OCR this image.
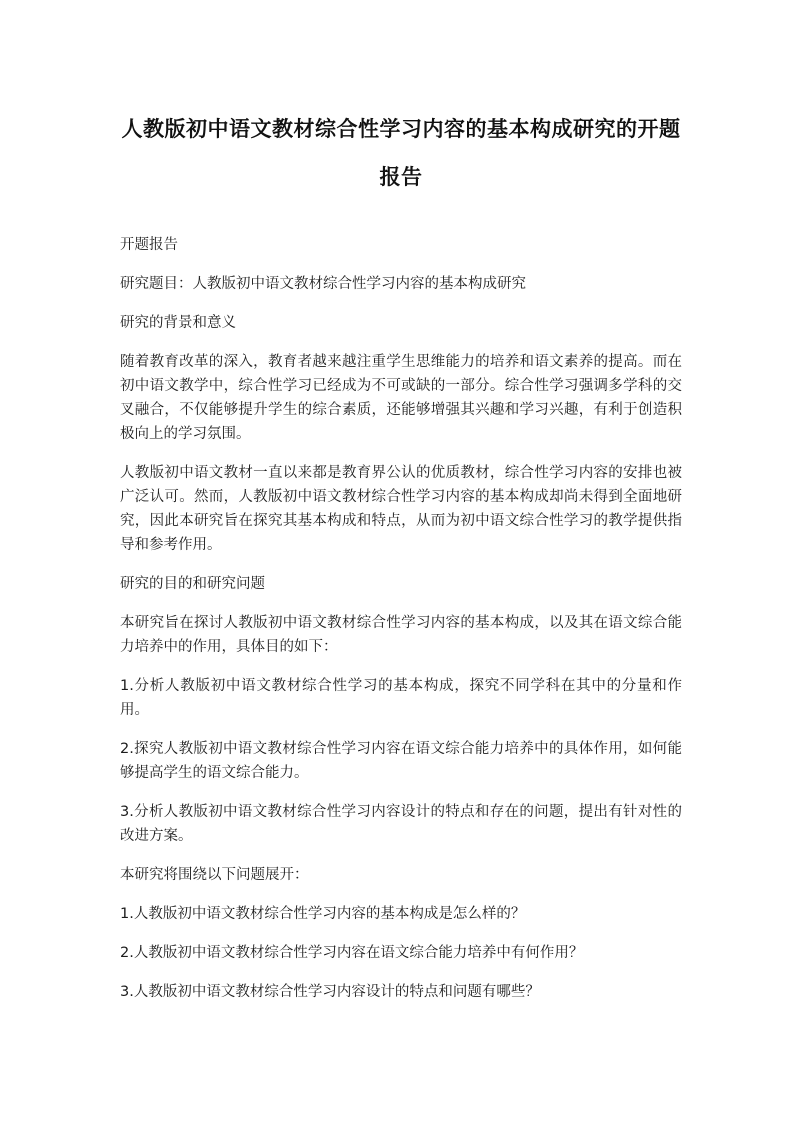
人教版初中语文教材综合性学习内容的基本构成研究的开题报告

开题报告

研究题目：人教版初中语文教材综合性学习内容的基本构成研究

研究的背景和意义

随着教育改革的深入，教育者越来越注重学生思维能力的培养和语文素养的提高。而在初中语文教学中，综合性学习已经成为不可或缺的一部分。综合性学习强调多学科的交叉融合，不仅能够提升学生的综合素质，还能够增强其兴趣和学习兴趣，有利于创造积极向上的学习氛围。

人教版初中语文教材一直以来都是教育界公认的优质教材，综合性学习内容的安排也被广泛认可。然而，人教版初中语文教材综合性学习内容的基本构成却尚未得到全面地研究，因此本研究旨在探究其基本构成和特点，从而为初中语文综合性学习的教学提供指导和参考作用。

研究的目的和研究问题

本研究旨在探讨人教版初中语文教材综合性学习内容的基本构成，以及其在语文综合能力培养中的作用，具体目的如下：

1.分析人教版初中语文教材综合性学习的基本构成，探究不同学科在其中的分量和作用。

2.探究人教版初中语文教材综合性学习内容在语文综合能力培养中的具体作用，如何能够提高学生的语文综合能力。

3.分析人教版初中语文教材综合性学习内容设计的特点和存在的问题，提出有针对性的改进方案。

本研究将围绕以下问题展开：

1.人教版初中语文教材综合性学习内容的基本构成是怎么样的？

2.人教版初中语文教材综合性学习内容在语文综合能力培养中有何作用？

3.人教版初中语文教材综合性学习内容设计的特点和问题有哪些？
